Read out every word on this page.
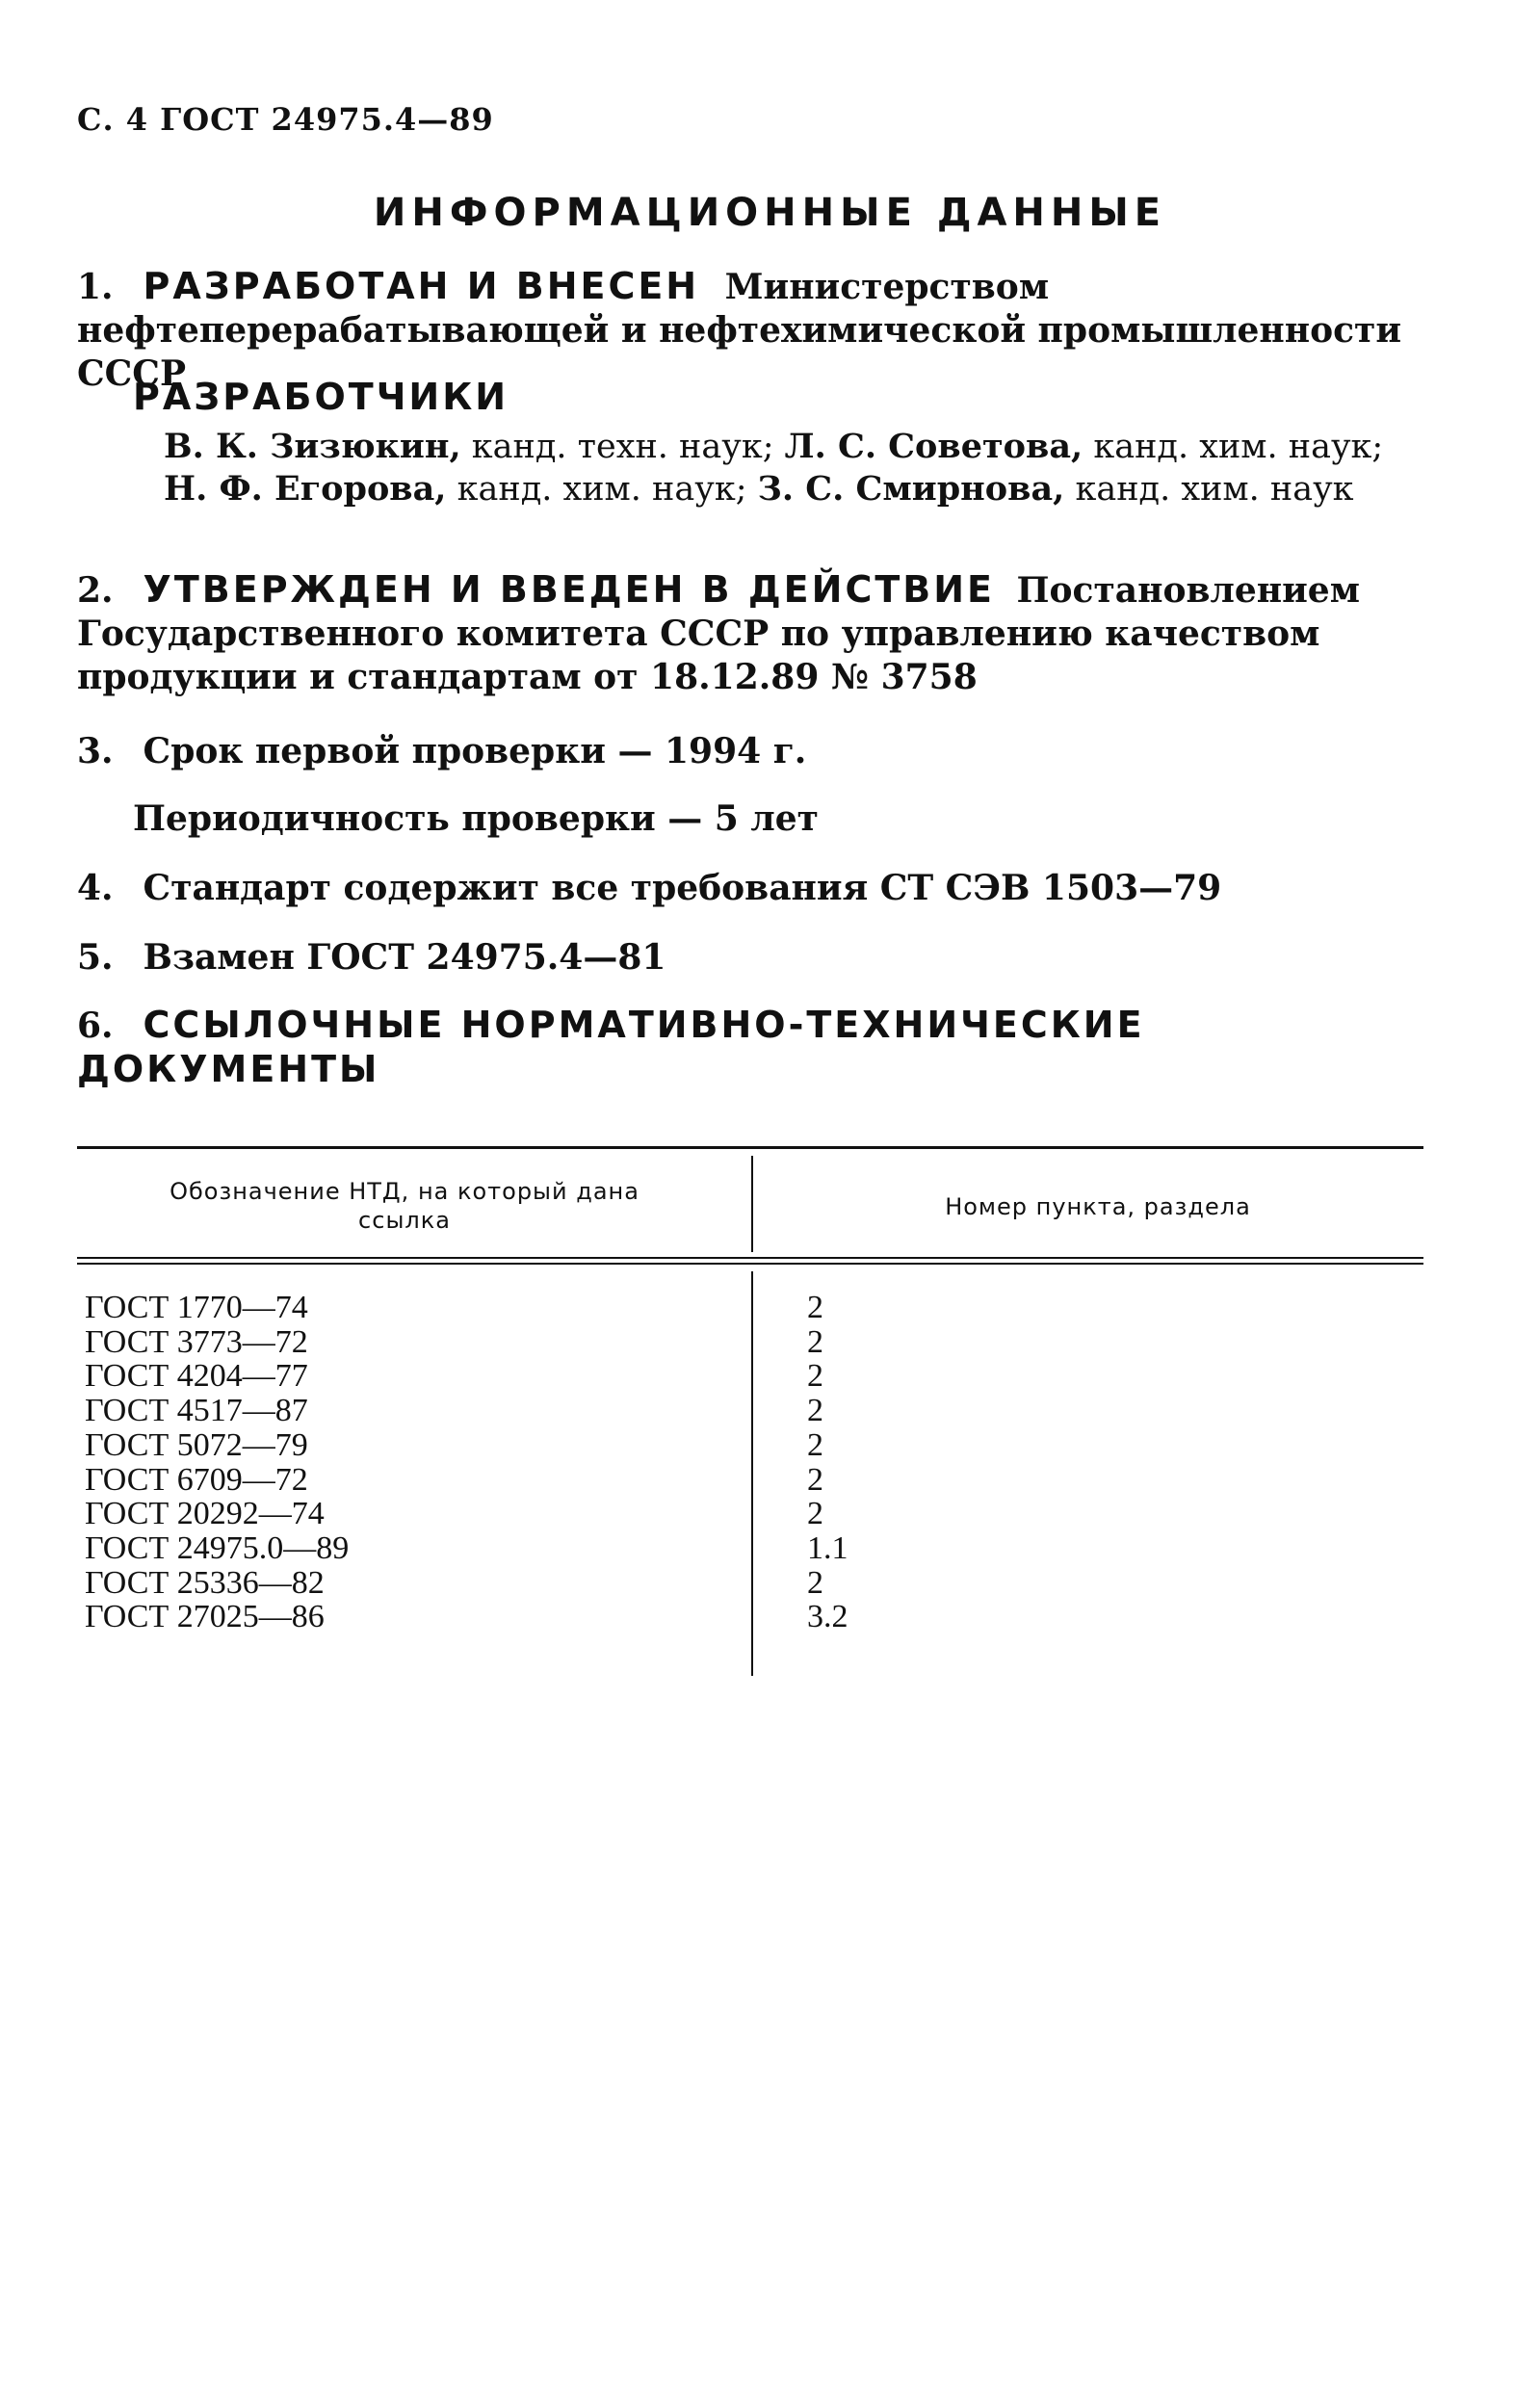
С. 4 ГОСТ 24975.4—89
ИНФОРМАЦИОННЫЕ ДАННЫЕ
1. РАЗРАБОТАН И ВНЕСЕН Министерством нефтеперерабатывающей и нефтехимической промышленности СССР
РАЗРАБОТЧИКИ
В. К. Зизюкин, канд. техн. наук; Л. С. Советова, канд. хим. наук; Н. Ф. Егорова, канд. хим. наук; З. С. Смирнова, канд. хим. наук
2. УТВЕРЖДЕН И ВВЕДЕН В ДЕЙСТВИЕ Постановлением Государственного комитета СССР по управлению качеством продукции и стандартам от 18.12.89 № 3758
3. Срок первой проверки — 1994 г.
Периодичность проверки — 5 лет
4. Стандарт содержит все требования СТ СЭВ 1503—79
5. Взамен ГОСТ 24975.4—81
6. ССЫЛОЧНЫЕ НОРМАТИВНО-ТЕХНИЧЕСКИЕ ДОКУМЕНТЫ
Обозначение НТД, на который дана ссылка	Номер пункта, раздела
ГОСТ 1770—74
ГОСТ 3773—72
ГОСТ 4204—77
ГОСТ 4517—87
ГОСТ 5072—79
ГОСТ 6709—72
ГОСТ 20292—74
ГОСТ 24975.0—89
ГОСТ 25336—82
ГОСТ 27025—86
2
2
2
2
2
2
2
1.1
2
3.2
